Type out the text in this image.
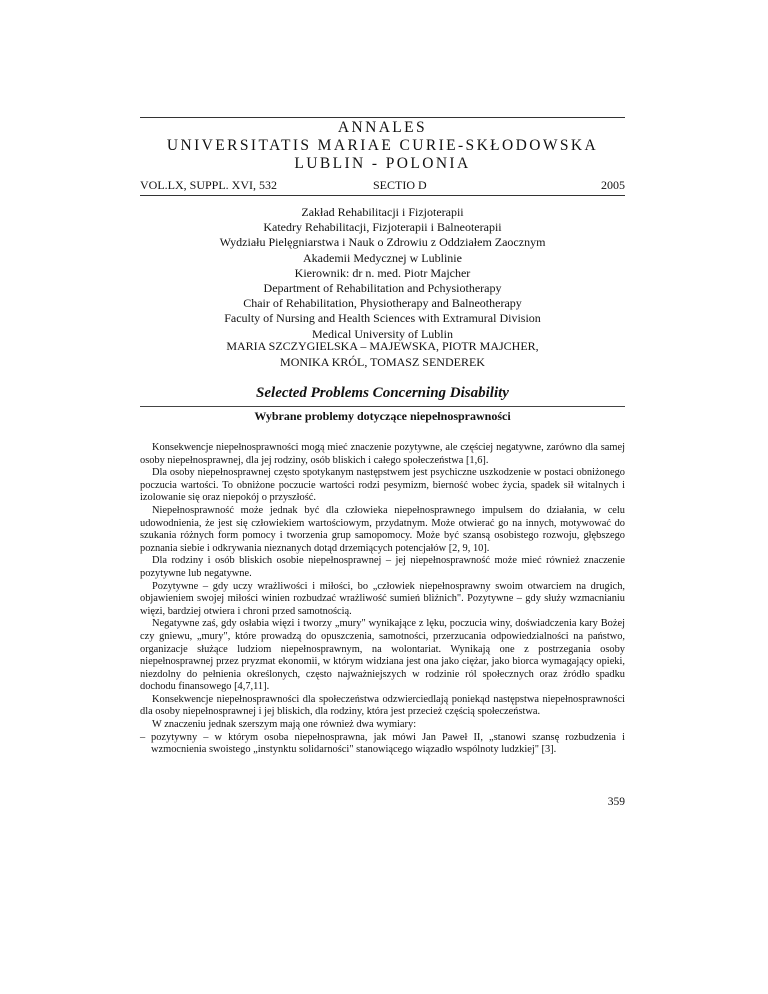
ANNALES
UNIVERSITATIS MARIAE CURIE-SKŁODOWSKA
LUBLIN - POLONIA
VOL.LX, SUPPL. XVI, 532	SECTIO D	2005
Zakład Rehabilitacji i Fizjoterapii
Katedry Rehabilitacji, Fizjoterapii i Balneoterapii
Wydziału Pielęgniarstwa i Nauk o Zdrowiu z Oddziałem Zaocznym
Akademii Medycznej w Lublinie
Kierownik: dr n. med. Piotr Majcher
Department of Rehabilitation and Pchysiotherapy
Chair of Rehabilitation, Physiotherapy and Balneotherapy
Faculty of Nursing and Health Sciences with Extramural Division
Medical University of Lublin
MARIA SZCZYGIELSKA – MAJEWSKA, PIOTR MAJCHER,
MONIKA KRÓL, TOMASZ SENDEREK
Selected Problems Concerning Disability
Wybrane problemy dotyczące niepełnosprawności

Konsekwencje niepełnosprawności mogą mieć znaczenie pozytywne, ale częściej negatywne, zarówno dla samej osoby niepełnosprawnej, dla jej rodziny, osób bliskich i całego społeczeństwa [1,6].

Dla osoby niepełnosprawnej często spotykanym następstwem jest psychiczne uszkodzenie w postaci obniżonego poczucia wartości. To obniżone poczucie wartości rodzi pesymizm, bierność wobec życia, spadek sił witalnych i izolowanie się oraz niepokój o przyszłość.

Niepełnosprawność może jednak być dla człowieka niepełnosprawnego impulsem do działania, w celu udowodnienia, że jest się człowiekiem wartościowym, przydatnym. Może otwierać go na innych, motywować do szukania różnych form pomocy i tworzenia grup samopomocy. Może być szansą osobistego rozwoju, głębszego poznania siebie i odkrywania nieznanych dotąd drzemiących potencjałów [2, 9, 10].

Dla rodziny i osób bliskich osobie niepełnosprawnej – jej niepełnosprawność może mieć również znaczenie pozytywne lub negatywne.

Pozytywne – gdy uczy wrażliwości i miłości, bo „człowiek niepełnosprawny swoim otwarciem na drugich, objawieniem swojej miłości winien rozbudzać wrażliwość sumień bliźnich". Pozytywne – gdy służy wzmacnianiu więzi, bardziej otwiera i chroni przed samotnością.

Negatywne zaś, gdy osłabia więzi i tworzy „mury" wynikające z lęku, poczucia winy, doświadczenia kary Bożej czy gniewu, „mury", które prowadzą do opuszczenia, samotności, przerzucania odpowiedzialności na państwo, organizacje służące ludziom niepełnosprawnym, na wolontariat. Wynikają one z postrzegania osoby niepełnosprawnej przez pryzmat ekonomii, w którym widziana jest ona jako ciężar, jako biorca wymagający opieki, niezdolny do pełnienia określonych, często najważniejszych w rodzinie ról społecznych oraz źródło spadku dochodu finansowego [4,7,11].

Konsekwencje niepełnosprawności dla społeczeństwa odzwierciedlają poniekąd następstwa niepełnosprawności dla osoby niepełnosprawnej i jej bliskich, dla rodziny, która jest przecież częścią społeczeństwa.

W znaczeniu jednak szerszym mają one również dwa wymiary:

– pozytywny – w którym osoba niepełnosprawna, jak mówi Jan Paweł II, „stanowi szansę rozbudzenia i wzmocnienia swoistego „instynktu solidarności" stanowiącego wiązadło wspólnoty ludzkiej" [3].
359
